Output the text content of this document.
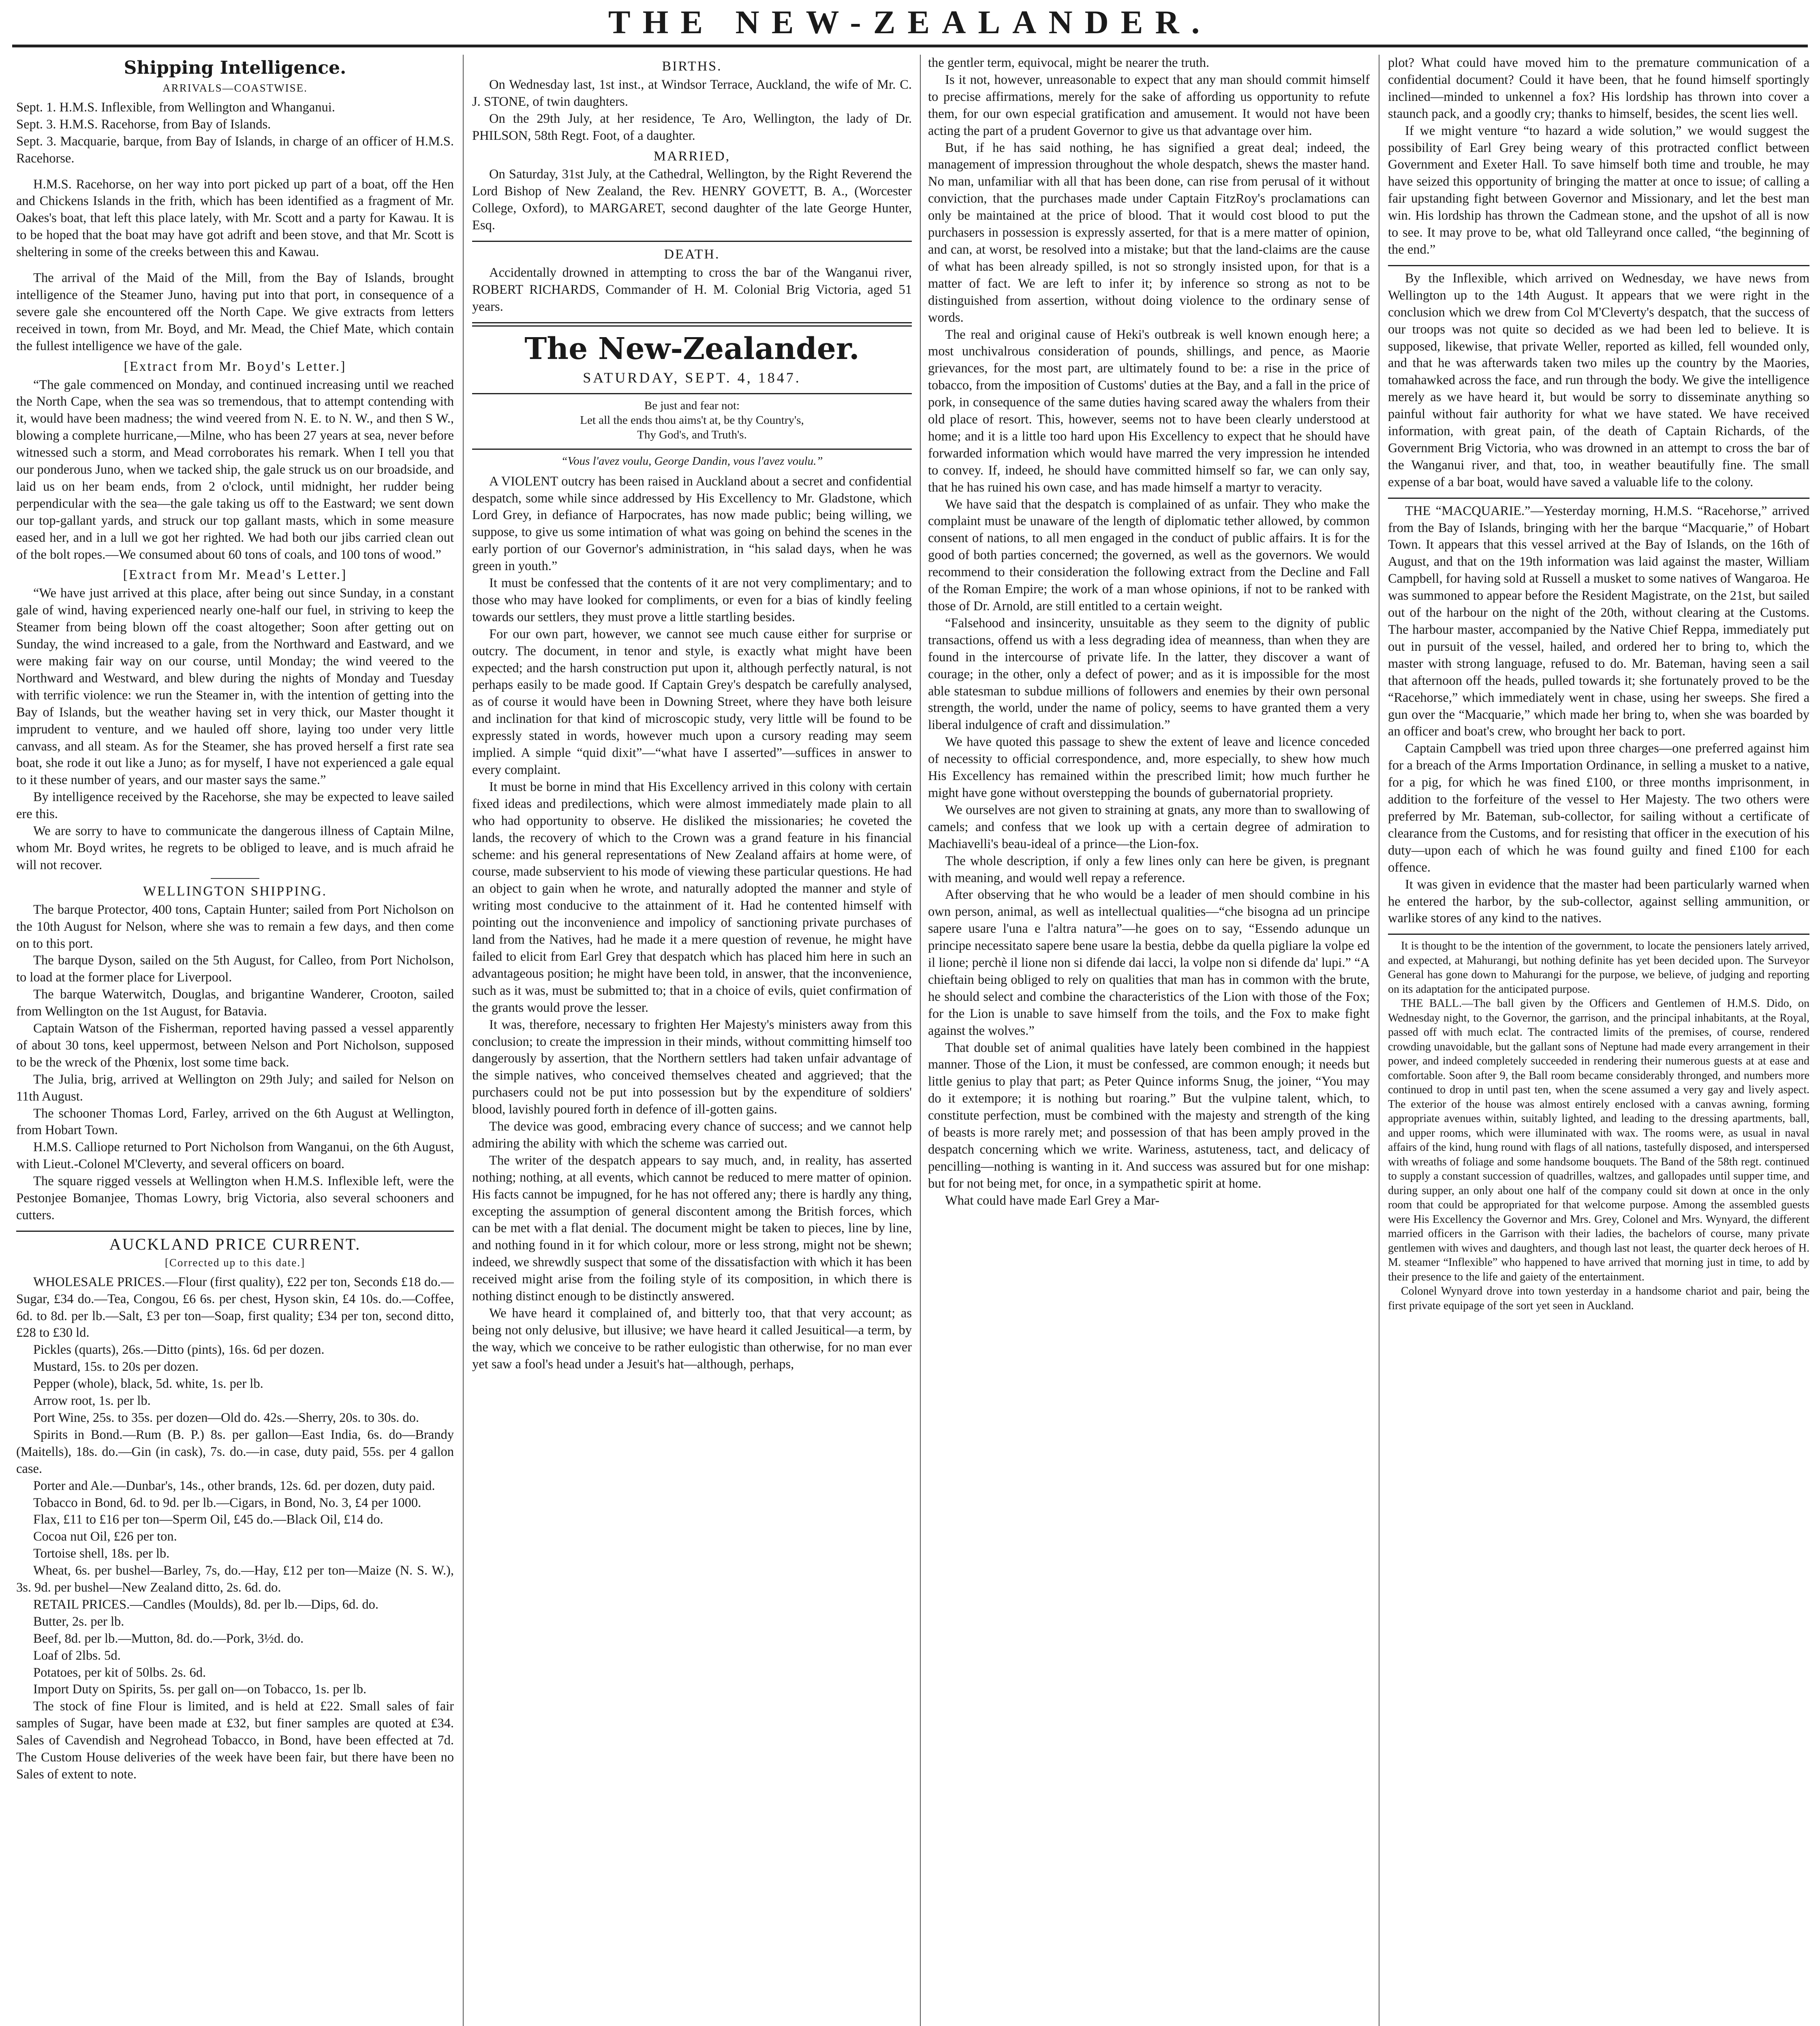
THE NEW-ZEALANDER.
Shipping Intelligence.
ARRIVALS—COASTWISE.

Sept. 1. H.M.S. Inflexible, from Wellington and Whanganui.

Sept. 3. H.M.S. Racehorse, from Bay of Islands.

Sept. 3. Macquarie, barque, from Bay of Islands, in charge of an officer of H.M.S. Racehorse.

H.M.S. Racehorse, on her way into port picked up part of a boat, off the Hen and Chickens Islands in the frith, which has been identified as a fragment of Mr. Oakes's boat, that left this place lately, with Mr. Scott and a party for Kawau. It is to be hoped that the boat may have got adrift and been stove, and that Mr. Scott is sheltering in some of the creeks between this and Kawau.

The arrival of the Maid of the Mill, from the Bay of Islands, brought intelligence of the Steamer Juno, having put into that port, in consequence of a severe gale she encountered off the North Cape. We give extracts from letters received in town, from Mr. Boyd, and Mr. Mead, the Chief Mate, which contain the fullest intelligence we have of the gale.

[Extract from Mr. Boyd's Letter.]

“The gale commenced on Monday, and continued increasing until we reached the North Cape, when the sea was so tremendous, that to attempt contending with it, would have been madness; the wind veered from N. E. to N. W., and then S W., blowing a complete hurricane,—Milne, who has been 27 years at sea, never before witnessed such a storm, and Mead corroborates his remark. When I tell you that our ponderous Juno, when we tacked ship, the gale struck us on our broadside, and laid us on her beam ends, from 2 o'clock, until midnight, her rudder being perpendicular with the sea—the gale taking us off to the Eastward; we sent down our top-gallant yards, and struck our top gallant masts, which in some measure eased her, and in a lull we got her righted. We had both our jibs carried clean out of the bolt ropes.—We consumed about 60 tons of coals, and 100 tons of wood.”

[Extract from Mr. Mead's Letter.]

“We have just arrived at this place, after being out since Sunday, in a constant gale of wind, having experienced nearly one-half our fuel, in striving to keep the Steamer from being blown off the coast altogether; Soon after getting out on Sunday, the wind increased to a gale, from the Northward and Eastward, and we were making fair way on our course, until Monday; the wind veered to the Northward and Westward, and blew during the nights of Monday and Tuesday with terrific violence: we run the Steamer in, with the intention of getting into the Bay of Islands, but the weather having set in very thick, our Master thought it imprudent to venture, and we hauled off shore, laying too under very little canvass, and all steam. As for the Steamer, she has proved herself a first rate sea boat, she rode it out like a Juno; as for myself, I have not experienced a gale equal to it these number of years, and our master says the same.”

By intelligence received by the Racehorse, she may be expected to leave sailed ere this.

We are sorry to have to communicate the dangerous illness of Captain Milne, whom Mr. Boyd writes, he regrets to be obliged to leave, and is much afraid he will not recover.

WELLINGTON SHIPPING.

The barque Protector, 400 tons, Captain Hunter; sailed from Port Nicholson on the 10th August for Nelson, where she was to remain a few days, and then come on to this port.

The barque Dyson, sailed on the 5th August, for Calleo, from Port Nicholson, to load at the former place for Liverpool.

The barque Waterwitch, Douglas, and brigantine Wanderer, Crooton, sailed from Wellington on the 1st August, for Batavia.

Captain Watson of the Fisherman, reported having passed a vessel apparently of about 30 tons, keel uppermost, between Nelson and Port Nicholson, supposed to be the wreck of the Phœnix, lost some time back.

The Julia, brig, arrived at Wellington on 29th July; and sailed for Nelson on 11th August.

The schooner Thomas Lord, Farley, arrived on the 6th August at Wellington, from Hobart Town.

H.M.S. Calliope returned to Port Nicholson from Wanganui, on the 6th August, with Lieut.-Colonel M'Cleverty, and several officers on board.

The square rigged vessels at Wellington when H.M.S. Inflexible left, were the Pestonjee Bomanjee, Thomas Lowry, brig Victoria, also several schooners and cutters.

AUCKLAND PRICE CURRENT.
[Corrected up to this date.]

WHOLESALE PRICES.—Flour (first quality), £22 per ton, Seconds £18 do.—Sugar, £34 do.—Tea, Congou, £6 6s. per chest, Hyson skin, £4 10s. do.—Coffee, 6d. to 8d. per lb.—Salt, £3 per ton—Soap, first quality; £34 per ton, second ditto, £28 to £30 ld.

Pickles (quarts), 26s.—Ditto (pints), 16s. 6d per dozen.

Mustard, 15s. to 20s per dozen.

Pepper (whole), black, 5d. white, 1s. per lb.

Arrow root, 1s. per lb.

Port Wine, 25s. to 35s. per dozen—Old do. 42s.—Sherry, 20s. to 30s. do.

Spirits in Bond.—Rum (B. P.) 8s. per gallon—East India, 6s. do—Brandy (Maitells), 18s. do.—Gin (in cask), 7s. do.—in case, duty paid, 55s. per 4 gallon case.

Porter and Ale.—Dunbar's, 14s., other brands, 12s. 6d. per dozen, duty paid.

Tobacco in Bond, 6d. to 9d. per lb.—Cigars, in Bond, No. 3, £4 per 1000.

Flax, £11 to £16 per ton—Sperm Oil, £45 do.—Black Oil, £14 do.

Cocoa nut Oil, £26 per ton.

Tortoise shell, 18s. per lb.

Wheat, 6s. per bushel—Barley, 7s, do.—Hay, £12 per ton—Maize (N. S. W.), 3s. 9d. per bushel—New Zealand ditto, 2s. 6d. do.

RETAIL PRICES.—Candles (Moulds), 8d. per lb.—Dips, 6d. do.

Butter, 2s. per lb.

Beef, 8d. per lb.—Mutton, 8d. do.—Pork, 3½d. do.

Loaf of 2lbs. 5d.

Potatoes, per kit of 50lbs. 2s. 6d.

Import Duty on Spirits, 5s. per gall on—on Tobacco, 1s. per lb.

The stock of fine Flour is limited, and is held at £22. Small sales of fair samples of Sugar, have been made at £32, but finer samples are quoted at £34. Sales of Cavendish and Negrohead Tobacco, in Bond, have been effected at 7d. The Custom House deliveries of the week have been fair, but there have been no Sales of extent to note.

BIRTHS.

On Wednesday last, 1st inst., at Windsor Terrace, Auckland, the wife of Mr. C. J. STONE, of twin daughters.

On the 29th July, at her residence, Te Aro, Wellington, the lady of Dr. PHILSON, 58th Regt. Foot, of a daughter.

MARRIED,

On Saturday, 31st July, at the Cathedral, Wellington, by the Right Reverend the Lord Bishop of New Zealand, the Rev. HENRY GOVETT, B. A., (Worcester College, Oxford), to MARGARET, second daughter of the late George Hunter, Esq.

DEATH.

Accidentally drowned in attempting to cross the bar of the Wanganui river, ROBERT RICHARDS, Commander of H. M. Colonial Brig Victoria, aged 51 years.

The New-Zealander.
SATURDAY, SEPT. 4, 1847.
Be just and fear not:
Let all the ends thou aims't at, be thy Country's,
Thy God's, and Truth's.
“Vous l'avez voulu, George Dandin, vous l'avez voulu.”

A VIOLENT outcry has been raised in Auckland about a secret and confidential despatch, some while since addressed by His Excellency to Mr. Gladstone, which Lord Grey, in defiance of Harpocrates, has now made public; being willing, we suppose, to give us some intimation of what was going on behind the scenes in the early portion of our Governor's administration, in “his salad days, when he was green in youth.”

It must be confessed that the contents of it are not very complimentary; and to those who may have looked for compliments, or even for a bias of kindly feeling towards our settlers, they must prove a little startling besides.

For our own part, however, we cannot see much cause either for surprise or outcry. The document, in tenor and style, is exactly what might have been expected; and the harsh construction put upon it, although perfectly natural, is not perhaps easily to be made good. If Captain Grey's despatch be carefully analysed, as of course it would have been in Downing Street, where they have both leisure and inclination for that kind of microscopic study, very little will be found to be expressly stated in words, however much upon a cursory reading may seem implied. A simple “quid dixit”—“what have I asserted”—suffices in answer to every complaint.

It must be borne in mind that His Excellency arrived in this colony with certain fixed ideas and predilections, which were almost immediately made plain to all who had opportunity to observe. He disliked the missionaries; he coveted the lands, the recovery of which to the Crown was a grand feature in his financial scheme: and his general representations of New Zealand affairs at home were, of course, made subservient to his mode of viewing these particular questions. He had an object to gain when he wrote, and naturally adopted the manner and style of writing most conducive to the attainment of it. Had he contented himself with pointing out the inconvenience and impolicy of sanctioning private purchases of land from the Natives, had he made it a mere question of revenue, he might have failed to elicit from Earl Grey that despatch which has placed him here in such an advantageous position; he might have been told, in answer, that the inconvenience, such as it was, must be submitted to; that in a choice of evils, quiet confirmation of the grants would prove the lesser.

It was, therefore, necessary to frighten Her Majesty's ministers away from this conclusion; to create the impression in their minds, without committing himself too dangerously by assertion, that the Northern settlers had taken unfair advantage of the simple natives, who conceived themselves cheated and aggrieved; that the purchasers could not be put into possession but by the expenditure of soldiers' blood, lavishly poured forth in defence of ill-gotten gains.

The device was good, embracing every chance of success; and we cannot help admiring the ability with which the scheme was carried out.

The writer of the despatch appears to say much, and, in reality, has asserted nothing; nothing, at all events, which cannot be reduced to mere matter of opinion. His facts cannot be impugned, for he has not offered any; there is hardly any thing, excepting the assumption of general discontent among the British forces, which can be met with a flat denial. The document might be taken to pieces, line by line, and nothing found in it for which colour, more or less strong, might not be shewn; indeed, we shrewdly suspect that some of the dissatisfaction with which it has been received might arise from the foiling style of its composition, in which there is nothing distinct enough to be distinctly answered.

We have heard it complained of, and bitterly too, that that very account; as being not only delusive, but illusive; we have heard it called Jesuitical—a term, by the way, which we conceive to be rather eulogistic than otherwise, for no man ever yet saw a fool's head under a Jesuit's hat—although, perhaps,

the gentler term, equivocal, might be nearer the truth.

Is it not, however, unreasonable to expect that any man should commit himself to precise affirmations, merely for the sake of affording us opportunity to refute them, for our own especial gratification and amusement. It would not have been acting the part of a prudent Governor to give us that advantage over him.

But, if he has said nothing, he has signified a great deal; indeed, the management of impression throughout the whole despatch, shews the master hand. No man, unfamiliar with all that has been done, can rise from perusal of it without conviction, that the purchases made under Captain FitzRoy's proclamations can only be maintained at the price of blood. That it would cost blood to put the purchasers in possession is expressly asserted, for that is a mere matter of opinion, and can, at worst, be resolved into a mistake; but that the land-claims are the cause of what has been already spilled, is not so strongly insisted upon, for that is a matter of fact. We are left to infer it; by inference so strong as not to be distinguished from assertion, without doing violence to the ordinary sense of words.

The real and original cause of Heki's outbreak is well known enough here; a most unchivalrous consideration of pounds, shillings, and pence, as Maorie grievances, for the most part, are ultimately found to be: a rise in the price of tobacco, from the imposition of Customs' duties at the Bay, and a fall in the price of pork, in consequence of the same duties having scared away the whalers from their old place of resort. This, however, seems not to have been clearly understood at home; and it is a little too hard upon His Excellency to expect that he should have forwarded information which would have marred the very impression he intended to convey. If, indeed, he should have committed himself so far, we can only say, that he has ruined his own case, and has made himself a martyr to veracity.

We have said that the despatch is complained of as unfair. They who make the complaint must be unaware of the length of diplomatic tether allowed, by common consent of nations, to all men engaged in the conduct of public affairs. It is for the good of both parties concerned; the governed, as well as the governors. We would recommend to their consideration the following extract from the Decline and Fall of the Roman Empire; the work of a man whose opinions, if not to be ranked with those of Dr. Arnold, are still entitled to a certain weight.

“Falsehood and insincerity, unsuitable as they seem to the dignity of public transactions, offend us with a less degrading idea of meanness, than when they are found in the intercourse of private life. In the latter, they discover a want of courage; in the other, only a defect of power; and as it is impossible for the most able statesman to subdue millions of followers and enemies by their own personal strength, the world, under the name of policy, seems to have granted them a very liberal indulgence of craft and dissimulation.”

We have quoted this passage to shew the extent of leave and licence conceded of necessity to official correspondence, and, more especially, to shew how much His Excellency has remained within the prescribed limit; how much further he might have gone without overstepping the bounds of gubernatorial propriety.

We ourselves are not given to straining at gnats, any more than to swallowing of camels; and confess that we look up with a certain degree of admiration to Machiavelli's beau-ideal of a prince—the Lion-fox.

The whole description, if only a few lines only can here be given, is pregnant with meaning, and would well repay a reference.

After observing that he who would be a leader of men should combine in his own person, animal, as well as intellectual qualities—“che bisogna ad un principe sapere usare l'una e l'altra natura”—he goes on to say, “Essendo adunque un principe necessitato sapere bene usare la bestia, debbe da quella pigliare la volpe ed il lione; perchè il lione non si difende dai lacci, la volpe non si difende da' lupi.” “A chieftain being obliged to rely on qualities that man has in common with the brute, he should select and combine the characteristics of the Lion with those of the Fox; for the Lion is unable to save himself from the toils, and the Fox to make fight against the wolves.”

That double set of animal qualities have lately been combined in the happiest manner. Those of the Lion, it must be confessed, are common enough; it needs but little genius to play that part; as Peter Quince informs Snug, the joiner, “You may do it extempore; it is nothing but roaring.” But the vulpine talent, which, to constitute perfection, must be combined with the majesty and strength of the king of beasts is more rarely met; and possession of that has been amply proved in the despatch concerning which we write. Wariness, astuteness, tact, and delicacy of pencilling—nothing is wanting in it. And success was assured but for one mishap: but for not being met, for once, in a sympathetic spirit at home.

What could have made Earl Grey a Mar-

plot? What could have moved him to the premature communication of a confidential document? Could it have been, that he found himself sportingly inclined—minded to unkennel a fox? His lordship has thrown into cover a staunch pack, and a goodly cry; thanks to himself, besides, the scent lies well.

If we might venture “to hazard a wide solution,” we would suggest the possibility of Earl Grey being weary of this protracted conflict between Government and Exeter Hall. To save himself both time and trouble, he may have seized this opportunity of bringing the matter at once to issue; of calling a fair upstanding fight between Governor and Missionary, and let the best man win. His lordship has thrown the Cadmean stone, and the upshot of all is now to see. It may prove to be, what old Talleyrand once called, “the beginning of the end.”

By the Inflexible, which arrived on Wednesday, we have news from Wellington up to the 14th August. It appears that we were right in the conclusion which we drew from Col M'Cleverty's despatch, that the success of our troops was not quite so decided as we had been led to believe. It is supposed, likewise, that private Weller, reported as killed, fell wounded only, and that he was afterwards taken two miles up the country by the Maories, tomahawked across the face, and run through the body. We give the intelligence merely as we have heard it, but would be sorry to disseminate anything so painful without fair authority for what we have stated. We have received information, with great pain, of the death of Captain Richards, of the Government Brig Victoria, who was drowned in an attempt to cross the bar of the Wanganui river, and that, too, in weather beautifully fine. The small expense of a bar boat, would have saved a valuable life to the colony.

THE “MACQUARIE.”—Yesterday morning, H.M.S. “Racehorse,” arrived from the Bay of Islands, bringing with her the barque “Macquarie,” of Hobart Town. It appears that this vessel arrived at the Bay of Islands, on the 16th of August, and that on the 19th information was laid against the master, William Campbell, for having sold at Russell a musket to some natives of Wangaroa. He was summoned to appear before the Resident Magistrate, on the 21st, but sailed out of the harbour on the night of the 20th, without clearing at the Customs. The harbour master, accompanied by the Native Chief Reppa, immediately put out in pursuit of the vessel, hailed, and ordered her to bring to, which the master with strong language, refused to do. Mr. Bateman, having seen a sail that afternoon off the heads, pulled towards it; she fortunately proved to be the “Racehorse,” which immediately went in chase, using her sweeps. She fired a gun over the “Macquarie,” which made her bring to, when she was boarded by an officer and boat's crew, who brought her back to port.

Captain Campbell was tried upon three charges—one preferred against him for a breach of the Arms Importation Ordinance, in selling a musket to a native, for a pig, for which he was fined £100, or three months imprisonment, in addition to the forfeiture of the vessel to Her Majesty. The two others were preferred by Mr. Bateman, sub-collector, for sailing without a certificate of clearance from the Customs, and for resisting that officer in the execution of his duty—upon each of which he was found guilty and fined £100 for each offence.

It was given in evidence that the master had been particularly warned when he entered the harbor, by the sub-collector, against selling ammunition, or warlike stores of any kind to the natives.

It is thought to be the intention of the government, to locate the pensioners lately arrived, and expected, at Mahurangi, but nothing definite has yet been decided upon. The Surveyor General has gone down to Mahurangi for the purpose, we believe, of judging and reporting on its adaptation for the anticipated purpose.

THE BALL.—The ball given by the Officers and Gentlemen of H.M.S. Dido, on Wednesday night, to the Governor, the garrison, and the principal inhabitants, at the Royal, passed off with much eclat. The contracted limits of the premises, of course, rendered crowding unavoidable, but the gallant sons of Neptune had made every arrangement in their power, and indeed completely succeeded in rendering their numerous guests at at ease and comfortable. Soon after 9, the Ball room became considerably thronged, and numbers more continued to drop in until past ten, when the scene assumed a very gay and lively aspect. The exterior of the house was almost entirely enclosed with a canvas awning, forming appropriate avenues within, suitably lighted, and leading to the dressing apartments, ball, and upper rooms, which were illuminated with wax. The rooms were, as usual in naval affairs of the kind, hung round with flags of all nations, tastefully disposed, and interspersed with wreaths of foliage and some handsome bouquets. The Band of the 58th regt. continued to supply a constant succession of quadrilles, waltzes, and gallopades until supper time, and during supper, an only about one half of the company could sit down at once in the only room that could be appropriated for that welcome purpose. Among the assembled guests were His Excellency the Governor and Mrs. Grey, Colonel and Mrs. Wynyard, the different married officers in the Garrison with their ladies, the bachelors of course, many private gentlemen with wives and daughters, and though last not least, the quarter deck heroes of H. M. steamer “Inflexible” who happened to have arrived that morning just in time, to add by their presence to the life and gaiety of the entertainment.

Colonel Wynyard drove into town yesterday in a handsome chariot and pair, being the first private equipage of the sort yet seen in Auckland.
